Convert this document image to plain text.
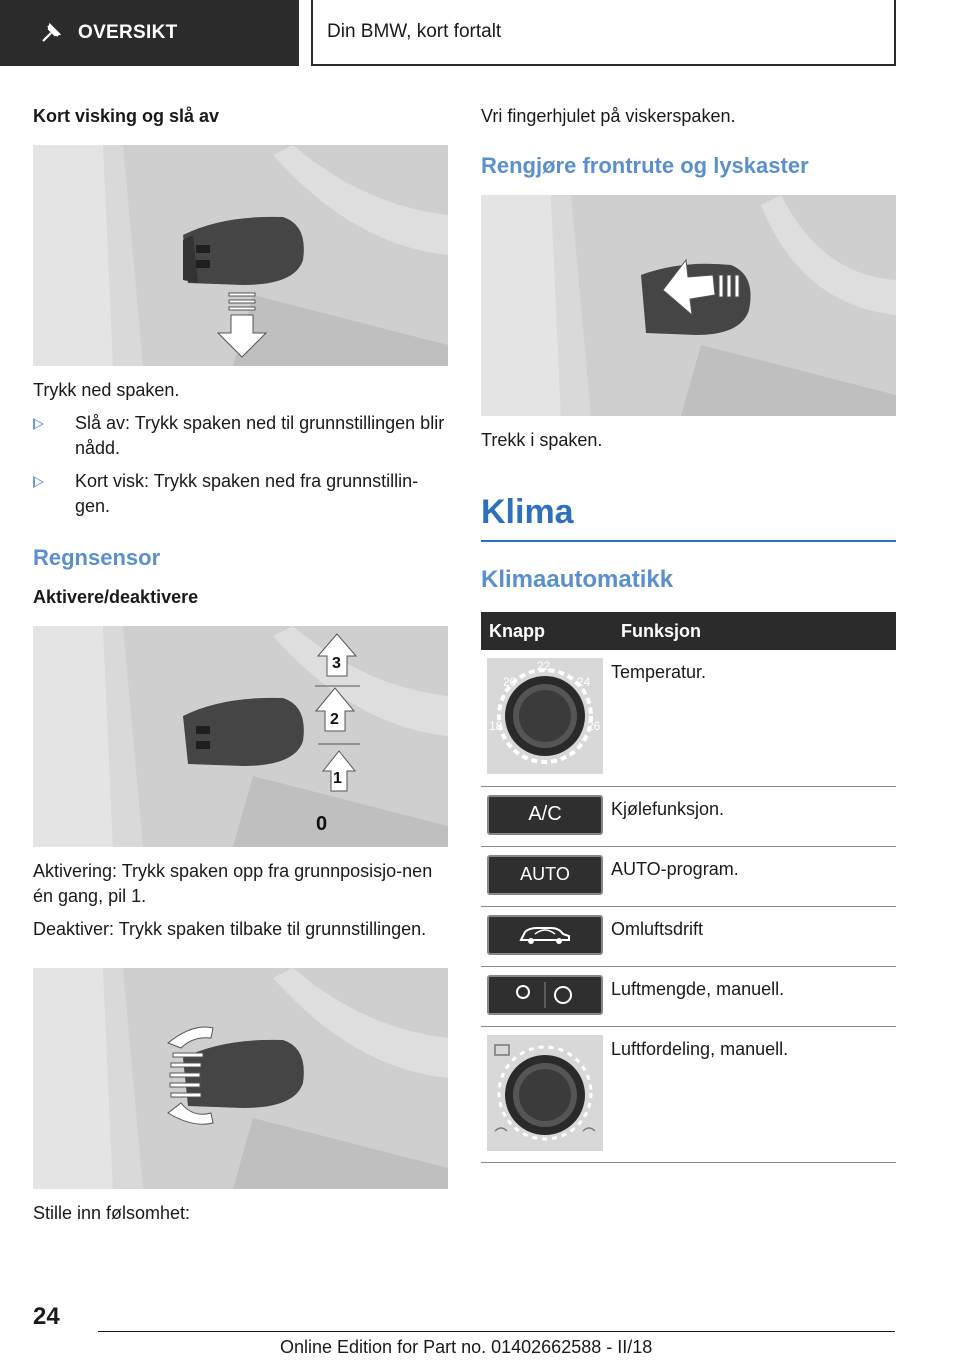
OVERSIKT	Din BMW, kort fortalt
Kort visking og slå av
Trykk ned spaken.
Slå av: Trykk spaken ned til grunnstillingen blir nådd.
Kort visk: Trykk spaken ned fra grunnstillin-gen.
Regnsensor
Aktivere/deaktivere
1
2
3
0
Aktivering: Trykk spaken opp fra grunnposisjo-nen én gang, pil 1.
Deaktiver: Trykk spaken tilbake til grunnstillingen.
Stille inn følsomhet:
Vri fingerhjulet på viskerspaken.
Rengjøre frontrute og lyskaster
Trekk i spaken.
Klima
Klimaautomatikk
Knapp	Funksjon

20
22
24
18 26	Temperatur.

A/C	Kjølefunksjon.

AUTO	AUTO-program.

	Omluftsdrift

	Luftmengde, manuell.

	Luftfordeling, manuell.
24
Online Edition for Part no. 01402662588 - II/18
